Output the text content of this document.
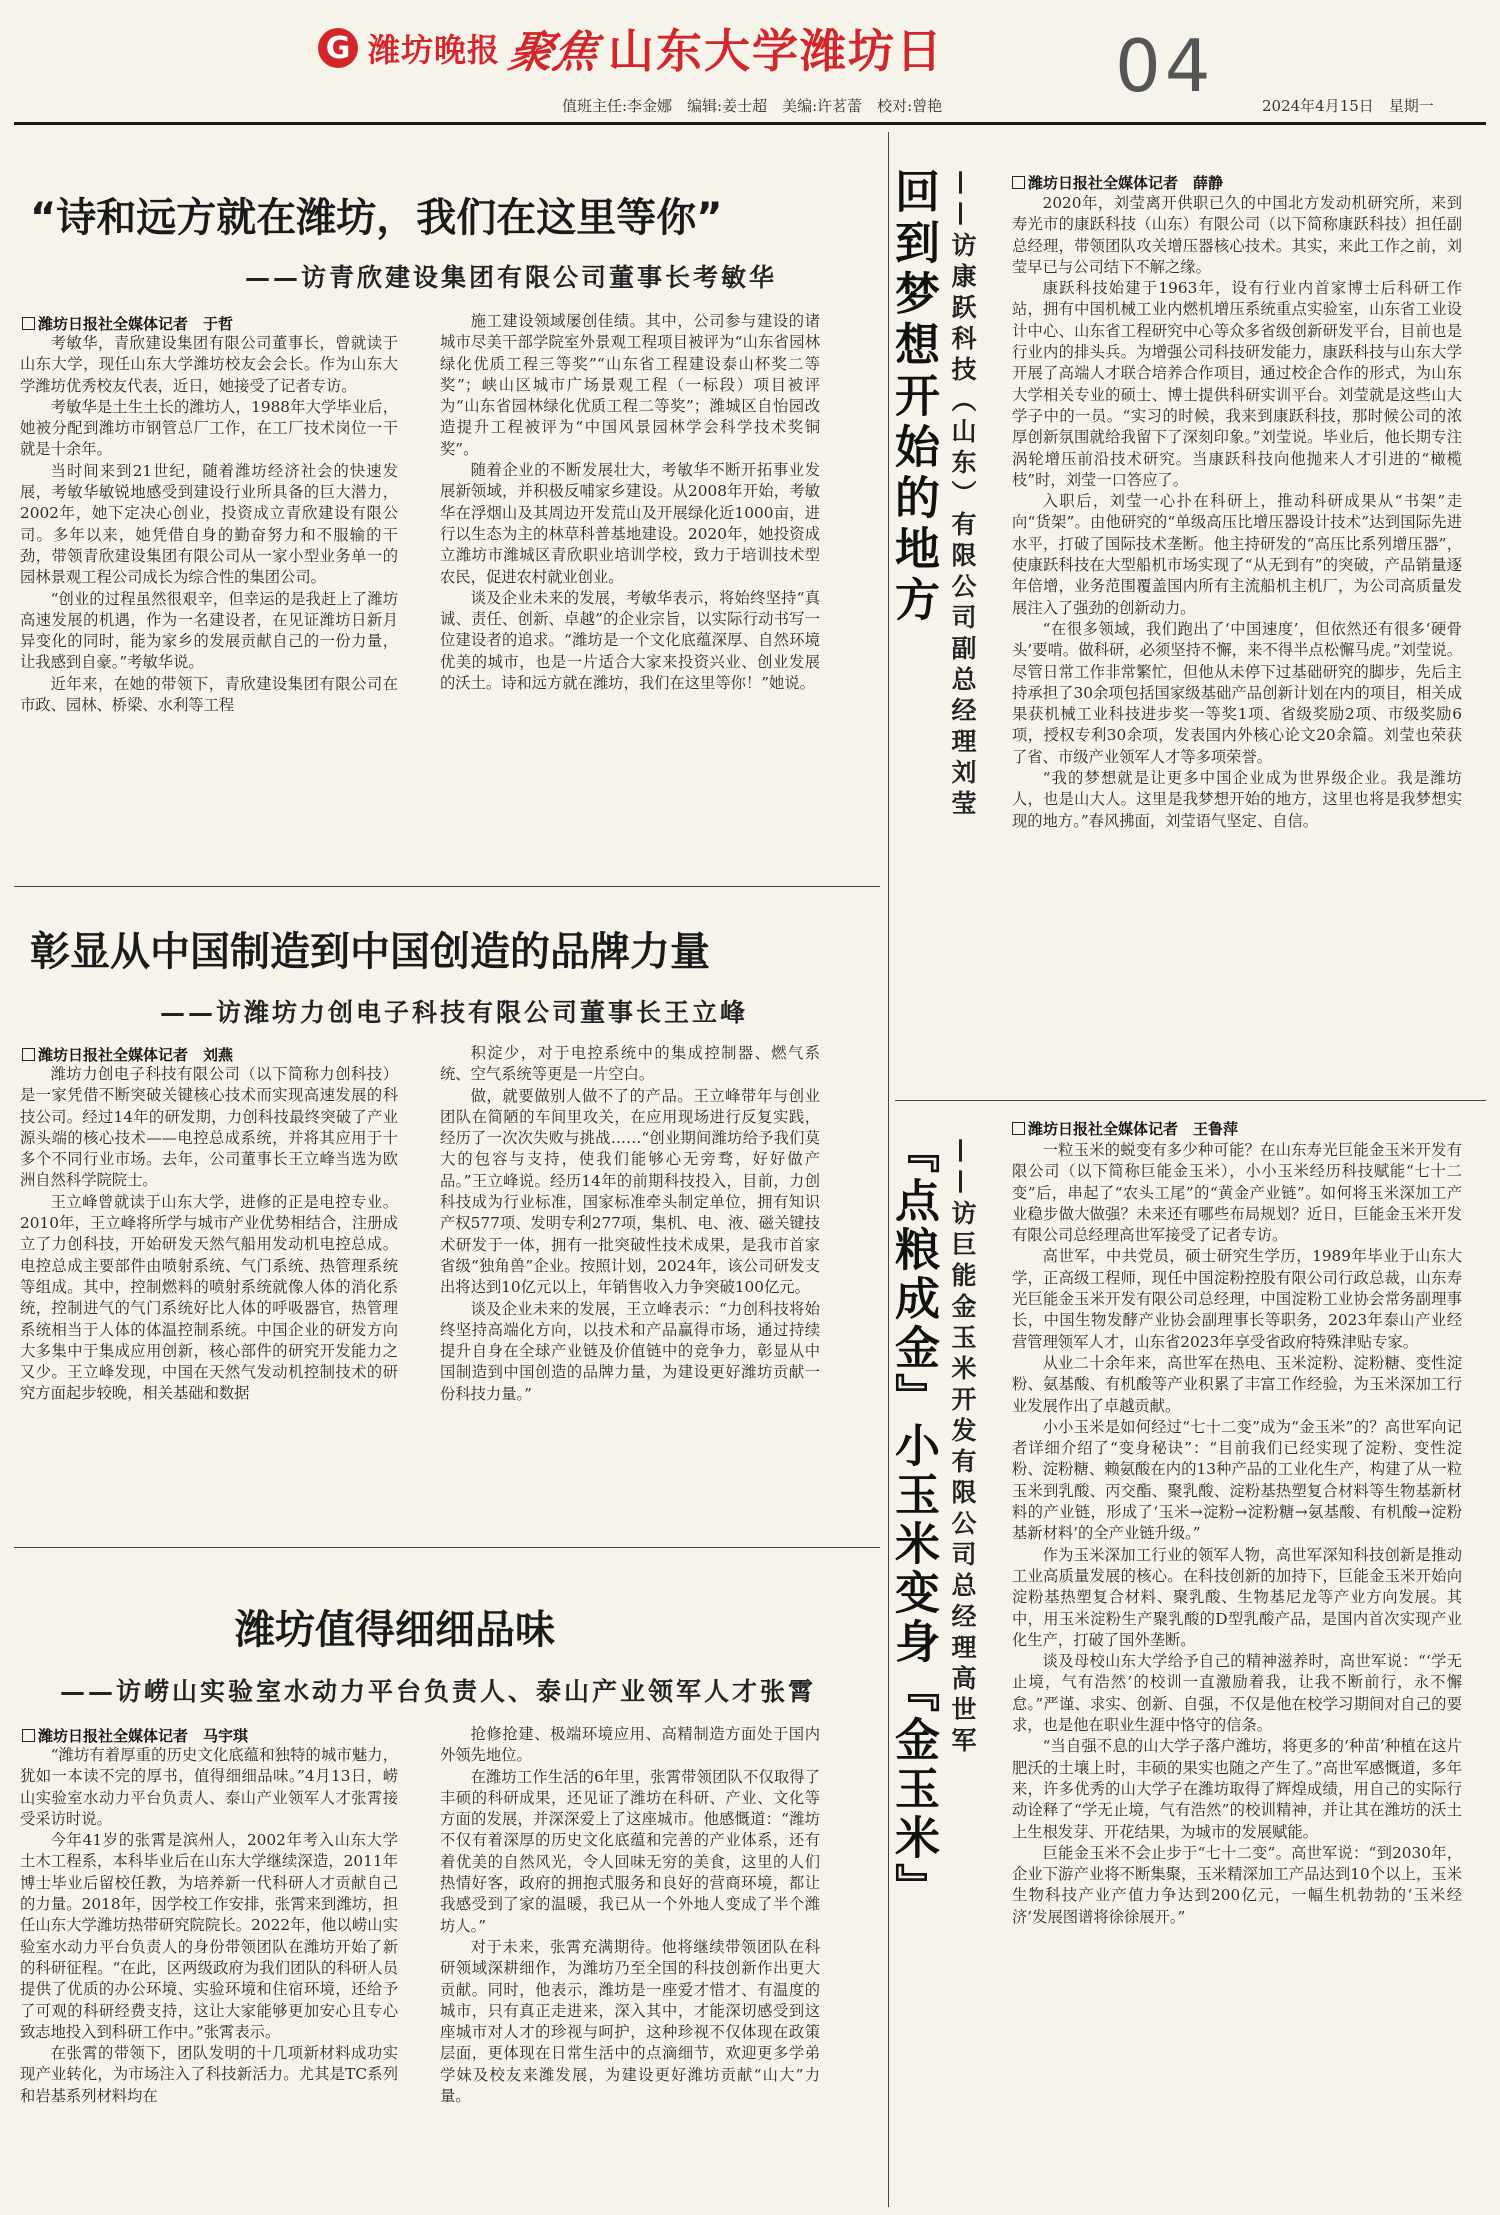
G 潍坊晚报 聚焦 山东大学潍坊日 04
值班主任:李金娜　编辑:姜士超　美编:许茗蕾　校对:曾艳	2024年4月15日　星期一
“诗和远方就在潍坊，我们在这里等你”
——访青欣建设集团有限公司董事长考敏华
潍坊日报社全媒体记者　于哲

考敏华，青欣建设集团有限公司董事长，曾就读于山东大学，现任山东大学潍坊校友会会长。作为山东大学潍坊优秀校友代表，近日，她接受了记者专访。

考敏华是土生土长的潍坊人，1988年大学毕业后，她被分配到潍坊市钢管总厂工作，在工厂技术岗位一干就是十余年。

当时间来到21世纪，随着潍坊经济社会的快速发展，考敏华敏锐地感受到建设行业所具备的巨大潜力，2002年，她下定决心创业，投资成立青欣建设有限公司。多年以来，她凭借自身的勤奋努力和不服输的干劲，带领青欣建设集团有限公司从一家小型业务单一的园林景观工程公司成长为综合性的集团公司。

“创业的过程虽然很艰辛，但幸运的是我赶上了潍坊高速发展的机遇，作为一名建设者，在见证潍坊日新月异变化的同时，能为家乡的发展贡献自己的一份力量，让我感到自豪。”考敏华说。

近年来，在她的带领下，青欣建设集团有限公司在市政、园林、桥梁、水利等工程

施工建设领域屡创佳绩。其中，公司参与建设的诸城市尽美干部学院室外景观工程项目被评为“山东省园林绿化优质工程三等奖”“山东省工程建设泰山杯奖二等奖”；峡山区城市广场景观工程（一标段）项目被评为“山东省园林绿化优质工程二等奖”；潍城区自怡园改造提升工程被评为“中国风景园林学会科学技术奖铜奖”。

随着企业的不断发展壮大，考敏华不断开拓事业发展新领域，并积极反哺家乡建设。从2008年开始，考敏华在浮烟山及其周边开发荒山及开展绿化近1000亩，进行以生态为主的林草科普基地建设。2020年，她投资成立潍坊市潍城区青欣职业培训学校，致力于培训技术型农民，促进农村就业创业。

谈及企业未来的发展，考敏华表示，将始终坚持“真诚、责任、创新、卓越”的企业宗旨，以实际行动书写一位建设者的追求。“潍坊是一个文化底蕴深厚、自然环境优美的城市，也是一片适合大家来投资兴业、创业发展的沃土。诗和远方就在潍坊，我们在这里等你！”她说。

彰显从中国制造到中国创造的品牌力量
——访潍坊力创电子科技有限公司董事长王立峰
潍坊日报社全媒体记者　刘燕

潍坊力创电子科技有限公司（以下简称力创科技）是一家凭借不断突破关键核心技术而实现高速发展的科技公司。经过14年的研发期，力创科技最终突破了产业源头端的核心技术——电控总成系统，并将其应用于十多个不同行业市场。去年，公司董事长王立峰当选为欧洲自然科学院院士。

王立峰曾就读于山东大学，进修的正是电控专业。2010年，王立峰将所学与城市产业优势相结合，注册成立了力创科技，开始研发天然气船用发动机电控总成。电控总成主要部件由喷射系统、气门系统、热管理系统等组成。其中，控制燃料的喷射系统就像人体的消化系统，控制进气的气门系统好比人体的呼吸器官，热管理系统相当于人体的体温控制系统。中国企业的研发方向大多集中于集成应用创新，核心部件的研究开发能力之又少。王立峰发现，中国在天然气发动机控制技术的研究方面起步较晚，相关基础和数据

积淀少，对于电控系统中的集成控制器、燃气系统、空气系统等更是一片空白。

做，就要做别人做不了的产品。王立峰带年与创业团队在简陋的车间里攻关，在应用现场进行反复实践，经历了一次次失败与挑战……“创业期间潍坊给予我们莫大的包容与支持，使我们能够心无旁骛，好好做产品。”王立峰说。经历14年的前期科技投入，目前，力创科技成为行业标准，国家标准牵头制定单位，拥有知识产权577项、发明专利277项，集机、电、液、磁关键技术研发于一体，拥有一批突破性技术成果，是我市首家省级“独角兽”企业。按照计划，2024年，该公司研发支出将达到10亿元以上，年销售收入力争突破100亿元。

谈及企业未来的发展，王立峰表示：“力创科技将始终坚持高端化方向，以技术和产品赢得市场，通过持续提升自身在全球产业链及价值链中的竞争力，彰显从中国制造到中国创造的品牌力量，为建设更好潍坊贡献一份科技力量。”

潍坊值得细细品味
——访崂山实验室水动力平台负责人、泰山产业领军人才张霄
潍坊日报社全媒体记者　马宇琪

“潍坊有着厚重的历史文化底蕴和独特的城市魅力，犹如一本读不完的厚书，值得细细品味。”4月13日，崂山实验室水动力平台负责人、泰山产业领军人才张霄接受采访时说。

今年41岁的张霄是滨州人，2002年考入山东大学土木工程系，本科毕业后在山东大学继续深造，2011年博士毕业后留校任教，为培养新一代科研人才贡献自己的力量。2018年，因学校工作安排，张霄来到潍坊，担任山东大学潍坊热带研究院院长。2022年，他以崂山实验室水动力平台负责人的身份带领团队在潍坊开始了新的科研征程。“在此，区两级政府为我们团队的科研人员提供了优质的办公环境、实验环境和住宿环境，还给予了可观的科研经费支持，这让大家能够更加安心且专心致志地投入到科研工作中。”张霄表示。

在张霄的带领下，团队发明的十几项新材料成功实现产业转化，为市场注入了科技新活力。尤其是TC系列和岩基系列材料均在

抢修抢建、极端环境应用、高精制造方面处于国内外领先地位。

在潍坊工作生活的6年里，张霄带领团队不仅取得了丰硕的科研成果，还见证了潍坊在科研、产业、文化等方面的发展，并深深爱上了这座城市。他感慨道：“潍坊不仅有着深厚的历史文化底蕴和完善的产业体系，还有着优美的自然风光，令人回味无穷的美食，这里的人们热情好客，政府的拥抱式服务和良好的营商环境，都让我感受到了家的温暖，我已从一个外地人变成了半个潍坊人。”

对于未来，张霄充满期待。他将继续带领团队在科研领域深耕细作，为潍坊乃至全国的科技创新作出更大贡献。同时，他表示，潍坊是一座爱才惜才、有温度的城市，只有真正走进来，深入其中，才能深切感受到这座城市对人才的珍视与呵护，这种珍视不仅体现在政策层面，更体现在日常生活中的点滴细节，欢迎更多学弟学妹及校友来潍发展，为建设更好潍坊贡献“山大”力量。

回到梦想开始的地方 ——访康跃科技（山东）有限公司副总经理刘莹	潍坊日报社全媒体记者　薛静

2020年，刘莹离开供职已久的中国北方发动机研究所，来到寿光市的康跃科技（山东）有限公司（以下简称康跃科技）担任副总经理，带领团队攻关增压器核心技术。其实，来此工作之前，刘莹早已与公司结下不解之缘。

康跃科技始建于1963年，设有行业内首家博士后科研工作站，拥有中国机械工业内燃机增压系统重点实验室，山东省工业设计中心、山东省工程研究中心等众多省级创新研发平台，目前也是行业内的排头兵。为增强公司科技研发能力，康跃科技与山东大学开展了高端人才联合培养合作项目，通过校企合作的形式，为山东大学相关专业的硕士、博士提供科研实训平台。刘莹就是这些山大学子中的一员。“实习的时候，我来到康跃科技，那时候公司的浓厚创新氛围就给我留下了深刻印象。”刘莹说。毕业后，他长期专注涡轮增压前沿技术研究。当康跃科技向他抛来人才引进的“橄榄枝”时，刘莹一口答应了。

入职后，刘莹一心扑在科研上，推动科研成果从“书架”走向“货架”。由他研究的“单级高压比增压器设计技术”达到国际先进水平，打破了国际技术垄断。他主持研发的“高压比系列增压器”，使康跃科技在大型船机市场实现了“从无到有”的突破，产品销量逐年倍增，业务范围覆盖国内所有主流船机主机厂，为公司高质量发展注入了强劲的创新动力。

“在很多领域，我们跑出了‘中国速度’，但依然还有很多‘硬骨头’要啃。做科研，必须坚持不懈，来不得半点松懈马虎。”刘莹说。尽管日常工作非常繁忙，但他从未停下过基础研究的脚步，先后主持承担了30余项包括国家级基础产品创新计划在内的项目，相关成果获机械工业科技进步奖一等奖1项、省级奖励2项、市级奖励6项，授权专利30余项，发表国内外核心论文20余篇。刘莹也荣获了省、市级产业领军人才等多项荣誉。

“我的梦想就是让更多中国企业成为世界级企业。我是潍坊人，也是山大人。这里是我梦想开始的地方，这里也将是我梦想实现的地方。”春风拂面，刘莹语气坚定、自信。

『点粮成金』小玉米变身『金玉米』 ——访巨能金玉米开发有限公司总经理高世军
潍坊日报社全媒体记者　王鲁萍

一粒玉米的蜕变有多少种可能？在山东寿光巨能金玉米开发有限公司（以下简称巨能金玉米），小小玉米经历科技赋能“七十二变”后，串起了“农头工尾”的“黄金产业链”。如何将玉米深加工产业稳步做大做强？未来还有哪些布局规划？近日，巨能金玉米开发有限公司总经理高世军接受了记者专访。

高世军，中共党员，硕士研究生学历，1989年毕业于山东大学，正高级工程师，现任中国淀粉控股有限公司行政总裁，山东寿光巨能金玉米开发有限公司总经理，中国淀粉工业协会常务副理事长，中国生物发酵产业协会副理事长等职务，2023年泰山产业经营管理领军人才，山东省2023年享受省政府特殊津贴专家。

从业二十余年来，高世军在热电、玉米淀粉、淀粉糖、变性淀粉、氨基酸、有机酸等产业积累了丰富工作经验，为玉米深加工行业发展作出了卓越贡献。

小小玉米是如何经过“七十二变”成为“金玉米”的？高世军向记者详细介绍了“变身秘诀”：“目前我们已经实现了淀粉、变性淀粉、淀粉糖、赖氨酸在内的13种产品的工业化生产，构建了从一粒玉米到乳酸、丙交酯、聚乳酸、淀粉基热塑复合材料等生物基新材料的产业链，形成了‘玉米→淀粉→淀粉糖→氨基酸、有机酸→淀粉基新材料’的全产业链升级。”

作为玉米深加工行业的领军人物，高世军深知科技创新是推动工业高质量发展的核心。在科技创新的加持下，巨能金玉米开始向淀粉基热塑复合材料、聚乳酸、生物基尼龙等产业方向发展。其中，用玉米淀粉生产聚乳酸的D型乳酸产品，是国内首次实现产业化生产，打破了国外垄断。

谈及母校山东大学给予自己的精神滋养时，高世军说：“‘学无止境，气有浩然’的校训一直激励着我，让我不断前行，永不懈怠。”严谨、求实、创新、自强，不仅是他在校学习期间对自己的要求，也是他在职业生涯中恪守的信条。

“当自强不息的山大学子落户潍坊，将更多的‘种苗’种植在这片肥沃的土壤上时，丰硕的果实也随之产生了。”高世军感慨道，多年来，许多优秀的山大学子在潍坊取得了辉煌成绩，用自己的实际行动诠释了“学无止境，气有浩然”的校训精神，并让其在潍坊的沃土上生根发芽、开花结果，为城市的发展赋能。

巨能金玉米不会止步于“七十二变”。高世军说：“到2030年，企业下游产业将不断集聚，玉米精深加工产品达到10个以上，玉米生物科技产业产值力争达到200亿元，一幅生机勃勃的‘玉米经济’发展图谱将徐徐展开。”
